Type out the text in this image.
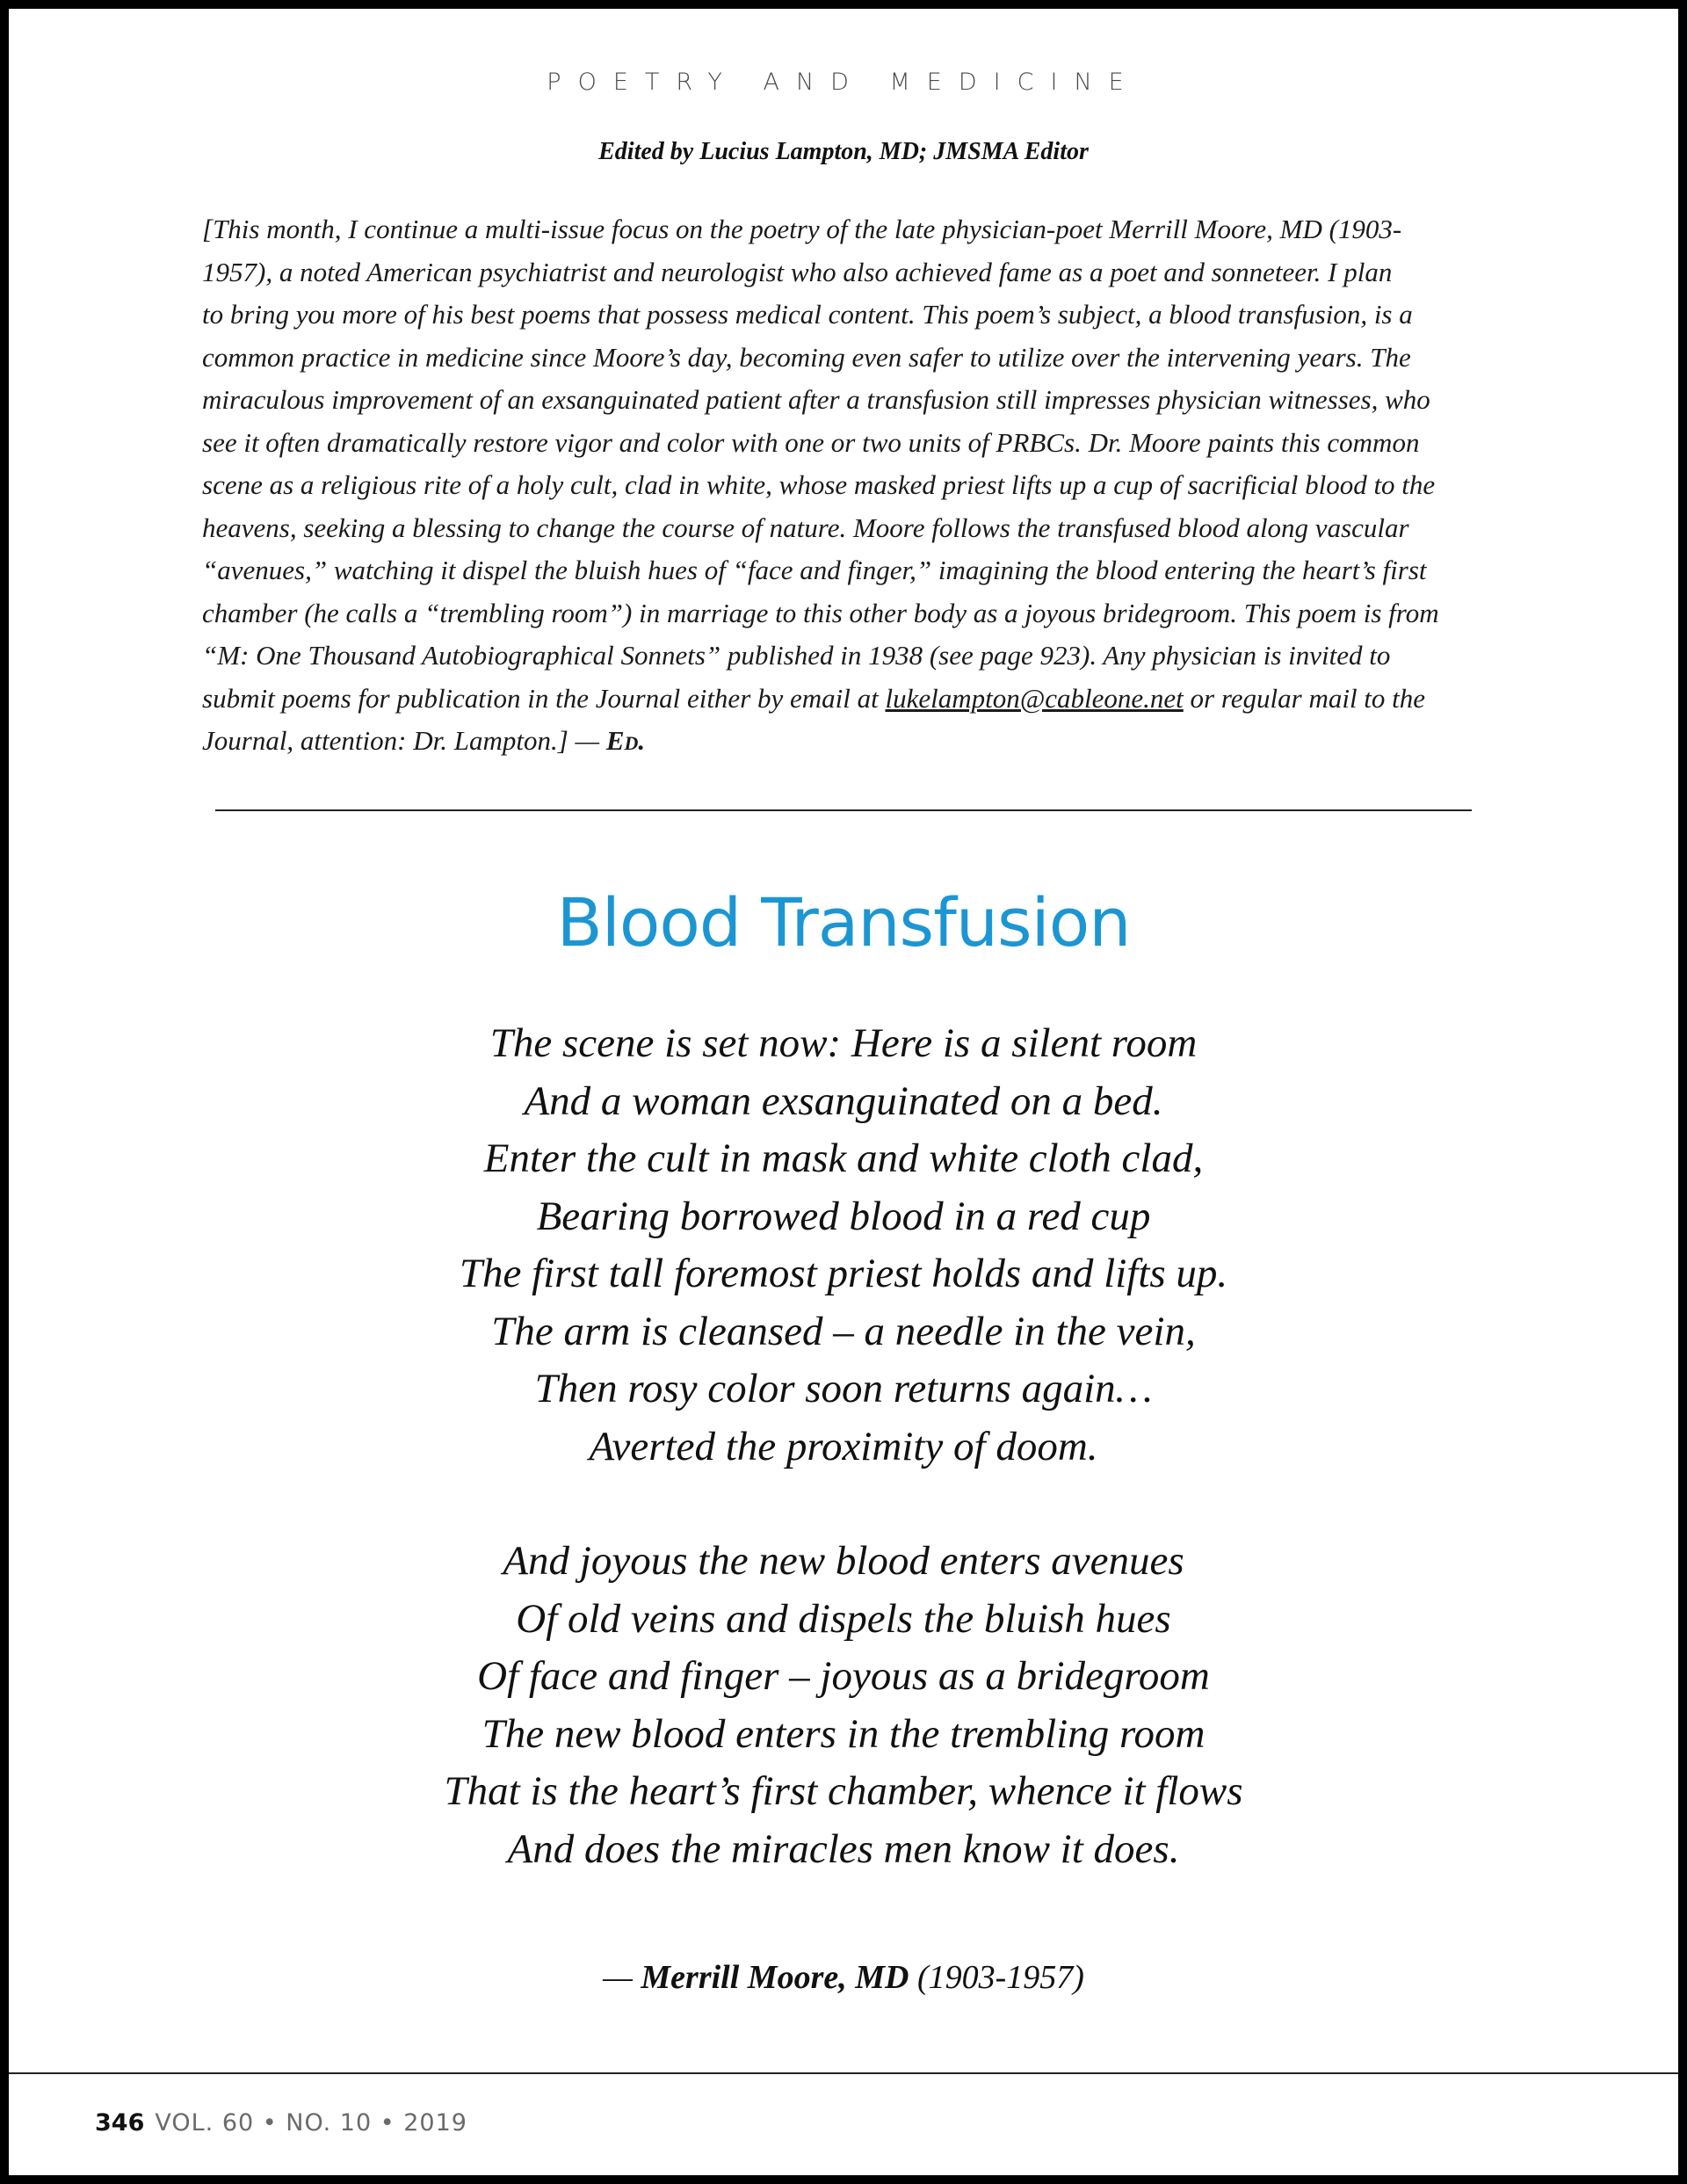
POETRY AND MEDICINE
Edited by Lucius Lampton, MD; JMSMA Editor

[This month, I continue a multi-issue focus on the poetry of the late physician-poet Merrill Moore, MD (1903-

1957), a noted American psychiatrist and neurologist who also achieved fame as a poet and sonneteer. I plan

to bring you more of his best poems that possess medical content. This poem’s subject, a blood transfusion, is a

common practice in medicine since Moore’s day, becoming even safer to utilize over the intervening years. The

miraculous improvement of an exsanguinated patient after a transfusion still impresses physician witnesses, who

see it often dramatically restore vigor and color with one or two units of PRBCs. Dr. Moore paints this common

scene as a religious rite of a holy cult, clad in white, whose masked priest lifts up a cup of sacrificial blood to the

heavens, seeking a blessing to change the course of nature. Moore follows the transfused blood along vascular

“avenues,” watching it dispel the bluish hues of “face and finger,” imagining the blood entering the heart’s first

chamber (he calls a “trembling room”) in marriage to this other body as a joyous bridegroom. This poem is from

“M: One Thousand Autobiographical Sonnets” published in 1938 (see page 923). Any physician is invited to

submit poems for publication in the Journal either by email at lukelampton@cableone.net or regular mail to the

Journal, attention: Dr. Lampton.] — Ed.

Blood Transfusion
The scene is set now: Here is a silent room
And a woman exsanguinated on a bed.
Enter the cult in mask and white cloth clad,
Bearing borrowed blood in a red cup
The first tall foremost priest holds and lifts up.
The arm is cleansed – a needle in the vein,
Then rosy color soon returns again…
Averted the proximity of doom.
And joyous the new blood enters avenues
Of old veins and dispels the bluish hues
Of face and finger – joyous as a bridegroom
The new blood enters in the trembling room
That is the heart’s first chamber, whence it flows
And does the miracles men know it does.
— Merrill Moore, MD (1903-1957)
346 VOL. 60 • NO. 10 • 2019
